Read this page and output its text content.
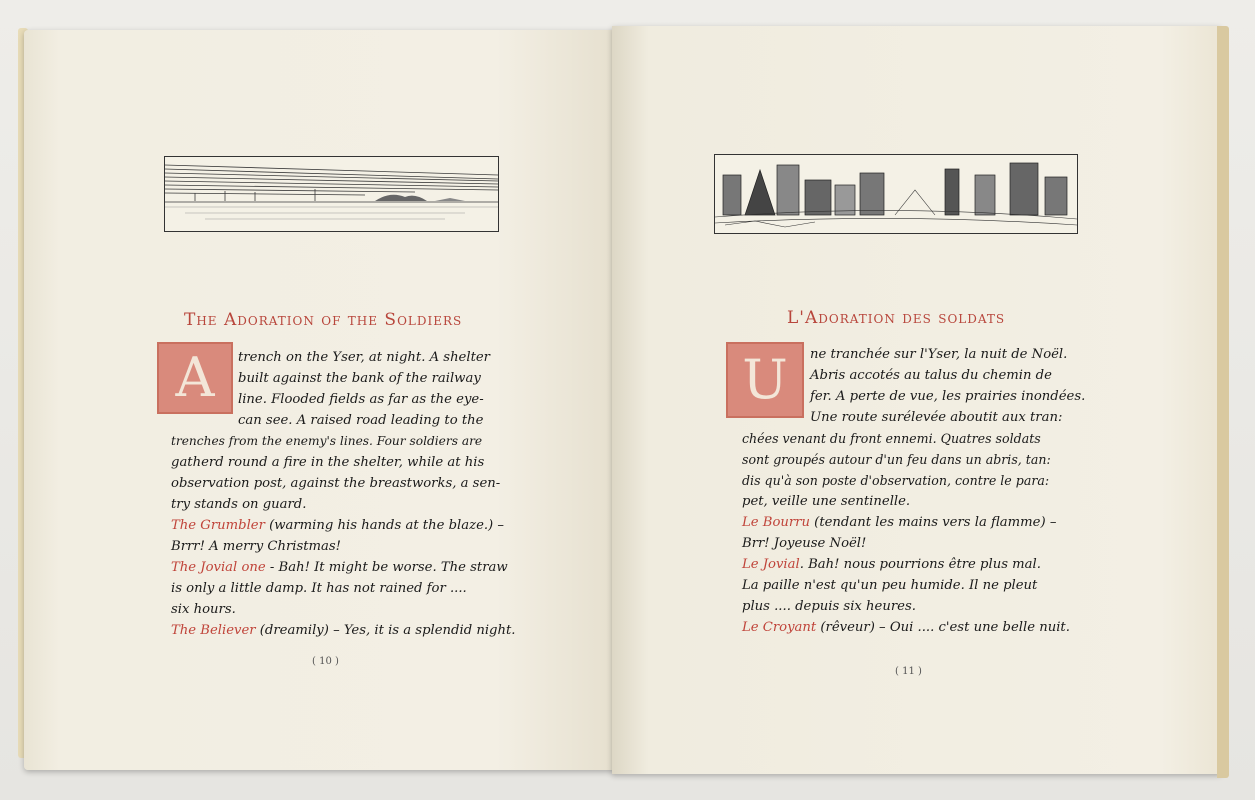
The Adoration of the Soldiers
A	trench on the Yser, at night. A shelter
built against the bank of the railway
line. Flooded fields as far as the eye-
can see. A raised road leading to the
trenches from the enemy's lines. Four soldiers are
gatherd round a fire in the shelter, while at his
observation post, against the breastworks, a sen-
try stands on guard.
The Grumbler (warming his hands at the blaze.) –
Brrr! A merry Christmas!
The Jovial one - Bah! It might be worse. The straw
is only a little damp. It has not rained for ....
six hours.
The Believer (dreamily) – Yes, it is a splendid night.
( 10 )
L'Adoration des soldats
U	ne tranchée sur l'Yser, la nuit de Noël.
Abris accotés au talus du chemin de
fer. A perte de vue, les prairies inondées.
Une route surélevée aboutit aux tran:
chées venant du front ennemi. Quatres soldats
sont groupés autour d'un feu dans un abris, tan:
dis qu'à son poste d'observation, contre le para:
pet, veille une sentinelle.
Le Bourru (tendant les mains vers la flamme) –
Brr! Joyeuse Noël!
Le Jovial. Bah! nous pourrions être plus mal.
La paille n'est qu'un peu humide. Il ne pleut
plus .... depuis six heures.
Le Croyant (rêveur) – Oui .... c'est une belle nuit.
( 11 )
